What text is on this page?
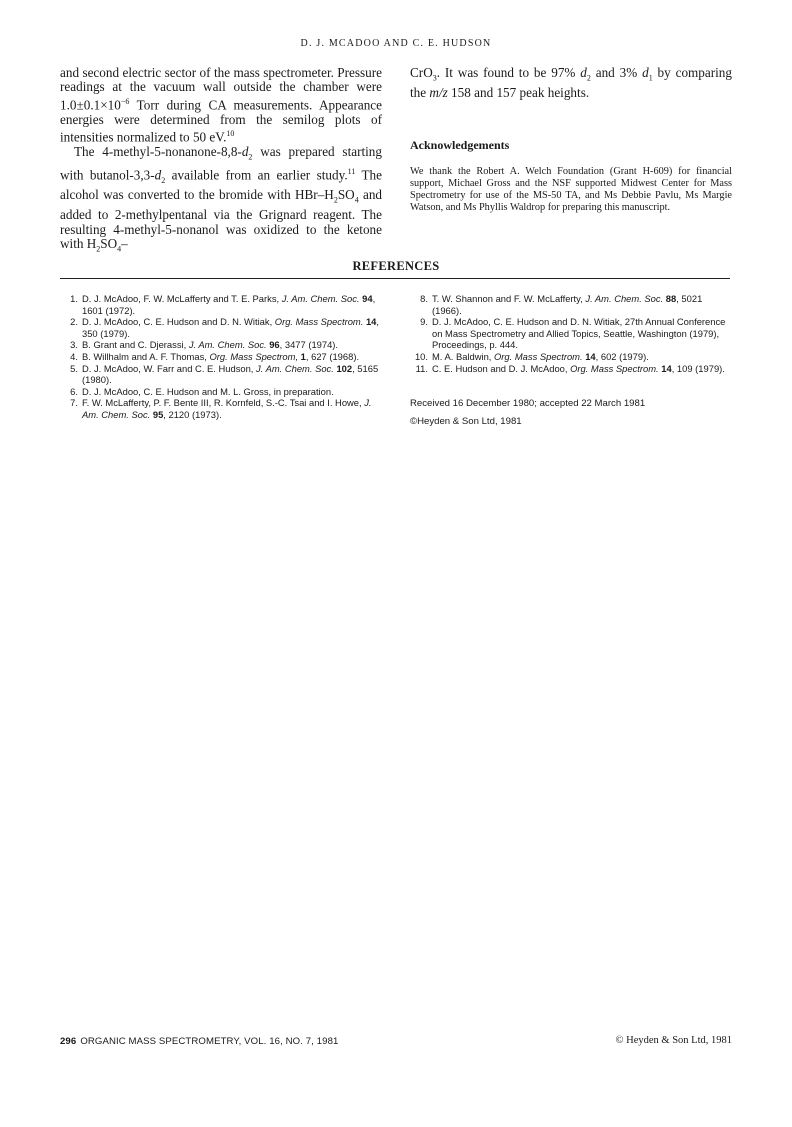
D. J. MCADOO AND C. E. HUDSON

and second electric sector of the mass spectrometer. Pressure readings at the vacuum wall outside the chamber were $1.0\pm 0.1\times 10^{-6}$ Torr during CA measurements. Appearance energies were determined from the semilog plots of intensities normalized to 50 eV.$^{10}$

The $4-methyl-5-nonanone-8,8-d_2$ was prepared starting with butanol-$3,3-d_2$ available from an earlier study.$^{11}$ The alcohol was converted to the bromide with HBr–$H_2SO_4$ and added to 2-methylpentanal via the Grignard reagent. The resulting 4-methyl-5-nonanol was oxidized to the ketone with $H_2SO_4-$

CrO$_3$. It was found to be 97% $d_2$ and 3% $d_1$ by comparing the m/z 158 and 157 peak heights.

Acknowledgements

We thank the Robert A. Welch Foundation (Grant H-609) for financial support, Michael Gross and the NSF supported Midwest Center for Mass Spectrometry for use of the MS-50 TA, and Ms Debbie Pavlu, Ms Margie Watson, and Ms Phyllis Waldrop for preparing this manuscript.

REFERENCES
1. D. J. McAdoo, F. W. McLafferty and T. E. Parks, J. Am. Chem. Soc. 94, 1601 (1972).
2. D. J. McAdoo, C. E. Hudson and D. N. Witiak, Org. Mass Spectrom. 14, 350 (1979).
3. B. Grant and C. Djerassi, J. Am. Chem. Soc. 96, 3477 (1974).
4. B. Willhalm and A. F. Thomas, Org. Mass Spectrom, 1, 627 (1968).
5. D. J. McAdoo, W. Farr and C. E. Hudson, J. Am. Chem. Soc. 102, 5165 (1980).
6. D. J. McAdoo, C. E. Hudson and M. L. Gross, in preparation.
7. F. W. McLafferty, P. F. Bente III, R. Kornfeld, S.-C. Tsai and I. Howe, J. Am. Chem. Soc. 95, 2120 (1973).
8. T. W. Shannon and F. W. McLafferty, J. Am. Chem. Soc. 88, 5021 (1966).
9. D. J. McAdoo, C. E. Hudson and D. N. Witiak, 27th Annual Conference on Mass Spectrometry and Allied Topics, Seattle, Washington (1979), Proceedings, p. 444.
10. M. A. Baldwin, Org. Mass Spectrom. 14, 602 (1979).
11. C. E. Hudson and D. J. McAdoo, Org. Mass Spectrom. 14, 109 (1979).
Received 16 December 1980; accepted 22 March 1981
©Heyden & Son Ltd, 1981
296 ORGANIC MASS SPECTROMETRY, VOL. 16, NO. 7, 1981	© Heyden & Son Ltd, 1981
